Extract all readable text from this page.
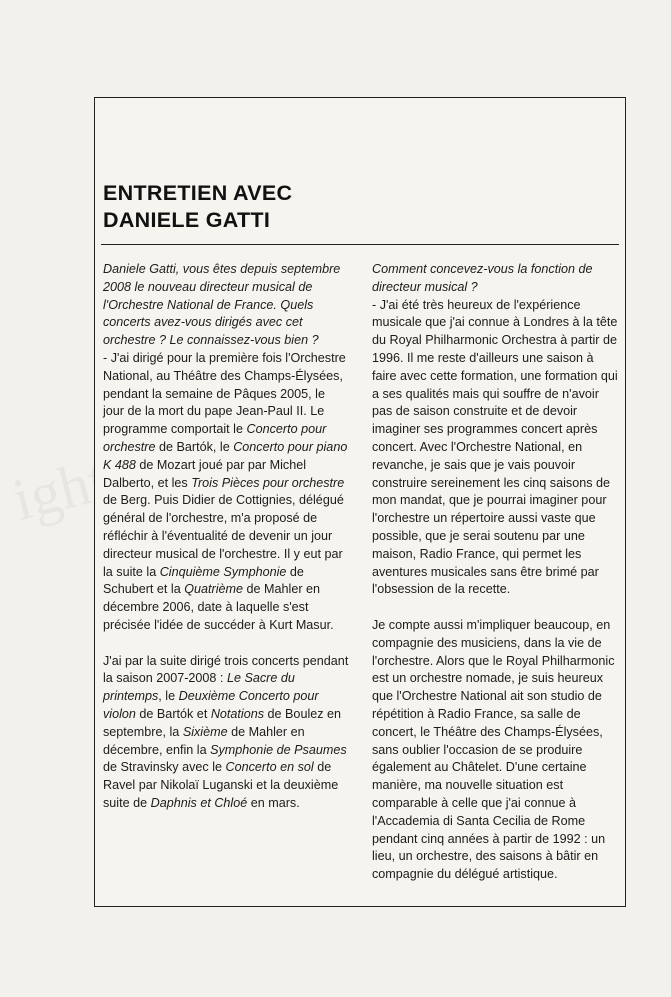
ENTRETIEN AVEC
DANIELE GATTI

Daniele Gatti, vous êtes depuis septembre 2008 le nouveau directeur musical de l'Orchestre National de France. Quels concerts avez-vous dirigés avec cet orchestre ? Le connaissez-vous bien ?
- J'ai dirigé pour la première fois l'Orchestre National, au Théâtre des Champs-Élysées, pendant la semaine de Pâques 2005, le jour de la mort du pape Jean-Paul II. Le programme comportait le Concerto pour orchestre de Bartók, le Concerto pour piano K 488 de Mozart joué par par Michel Dalberto, et les Trois Pièces pour orchestre de Berg. Puis Didier de Cottignies, délégué général de l'orchestre, m'a proposé de réfléchir à l'éventualité de devenir un jour directeur musical de l'orchestre. Il y eut par la suite la Cinquième Symphonie de Schubert et la Quatrième de Mahler en décembre 2006, date à laquelle s'est précisée l'idée de succéder à Kurt Masur.

J'ai par la suite dirigé trois concerts pendant la saison 2007-2008 : Le Sacre du printemps, le Deuxième Concerto pour violon de Bartók et Notations de Boulez en septembre, la Sixième de Mahler en décembre, enfin la Symphonie de Psaumes de Stravinsky avec le Concerto en sol de Ravel par Nikolaï Luganski et la deuxième suite de Daphnis et Chloé en mars.

Comment concevez-vous la fonction de directeur musical ?
- J'ai été très heureux de l'expérience musicale que j'ai connue à Londres à la tête du Royal Philharmonic Orchestra à partir de 1996. Il me reste d'ailleurs une saison à faire avec cette formation, une formation qui a ses qualités mais qui souffre de n'avoir pas de saison construite et de devoir imaginer ses programmes concert après concert. Avec l'Orchestre National, en revanche, je sais que je vais pouvoir construire sereinement les cinq saisons de mon mandat, que je pourrai imaginer pour l'orchestre un répertoire aussi vaste que possible, que je serai soutenu par une maison, Radio France, qui permet les aventures musicales sans être brimé par l'obsession de la recette.

Je compte aussi m'impliquer beaucoup, en compagnie des musiciens, dans la vie de l'orchestre. Alors que le Royal Philharmonic est un orchestre nomade, je suis heureux que l'Orchestre National ait son studio de répétition à Radio France, sa salle de concert, le Théâtre des Champs-Élysées, sans oublier l'occasion de se produire également au Châtelet. D'une certaine manière, ma nouvelle situation est comparable à celle que j'ai connue à l'Accademia di Santa Cecilia de Rome pendant cinq années à partir de 1992 : un lieu, un orchestre, des saisons à bâtir en compagnie du délégué artistique.
